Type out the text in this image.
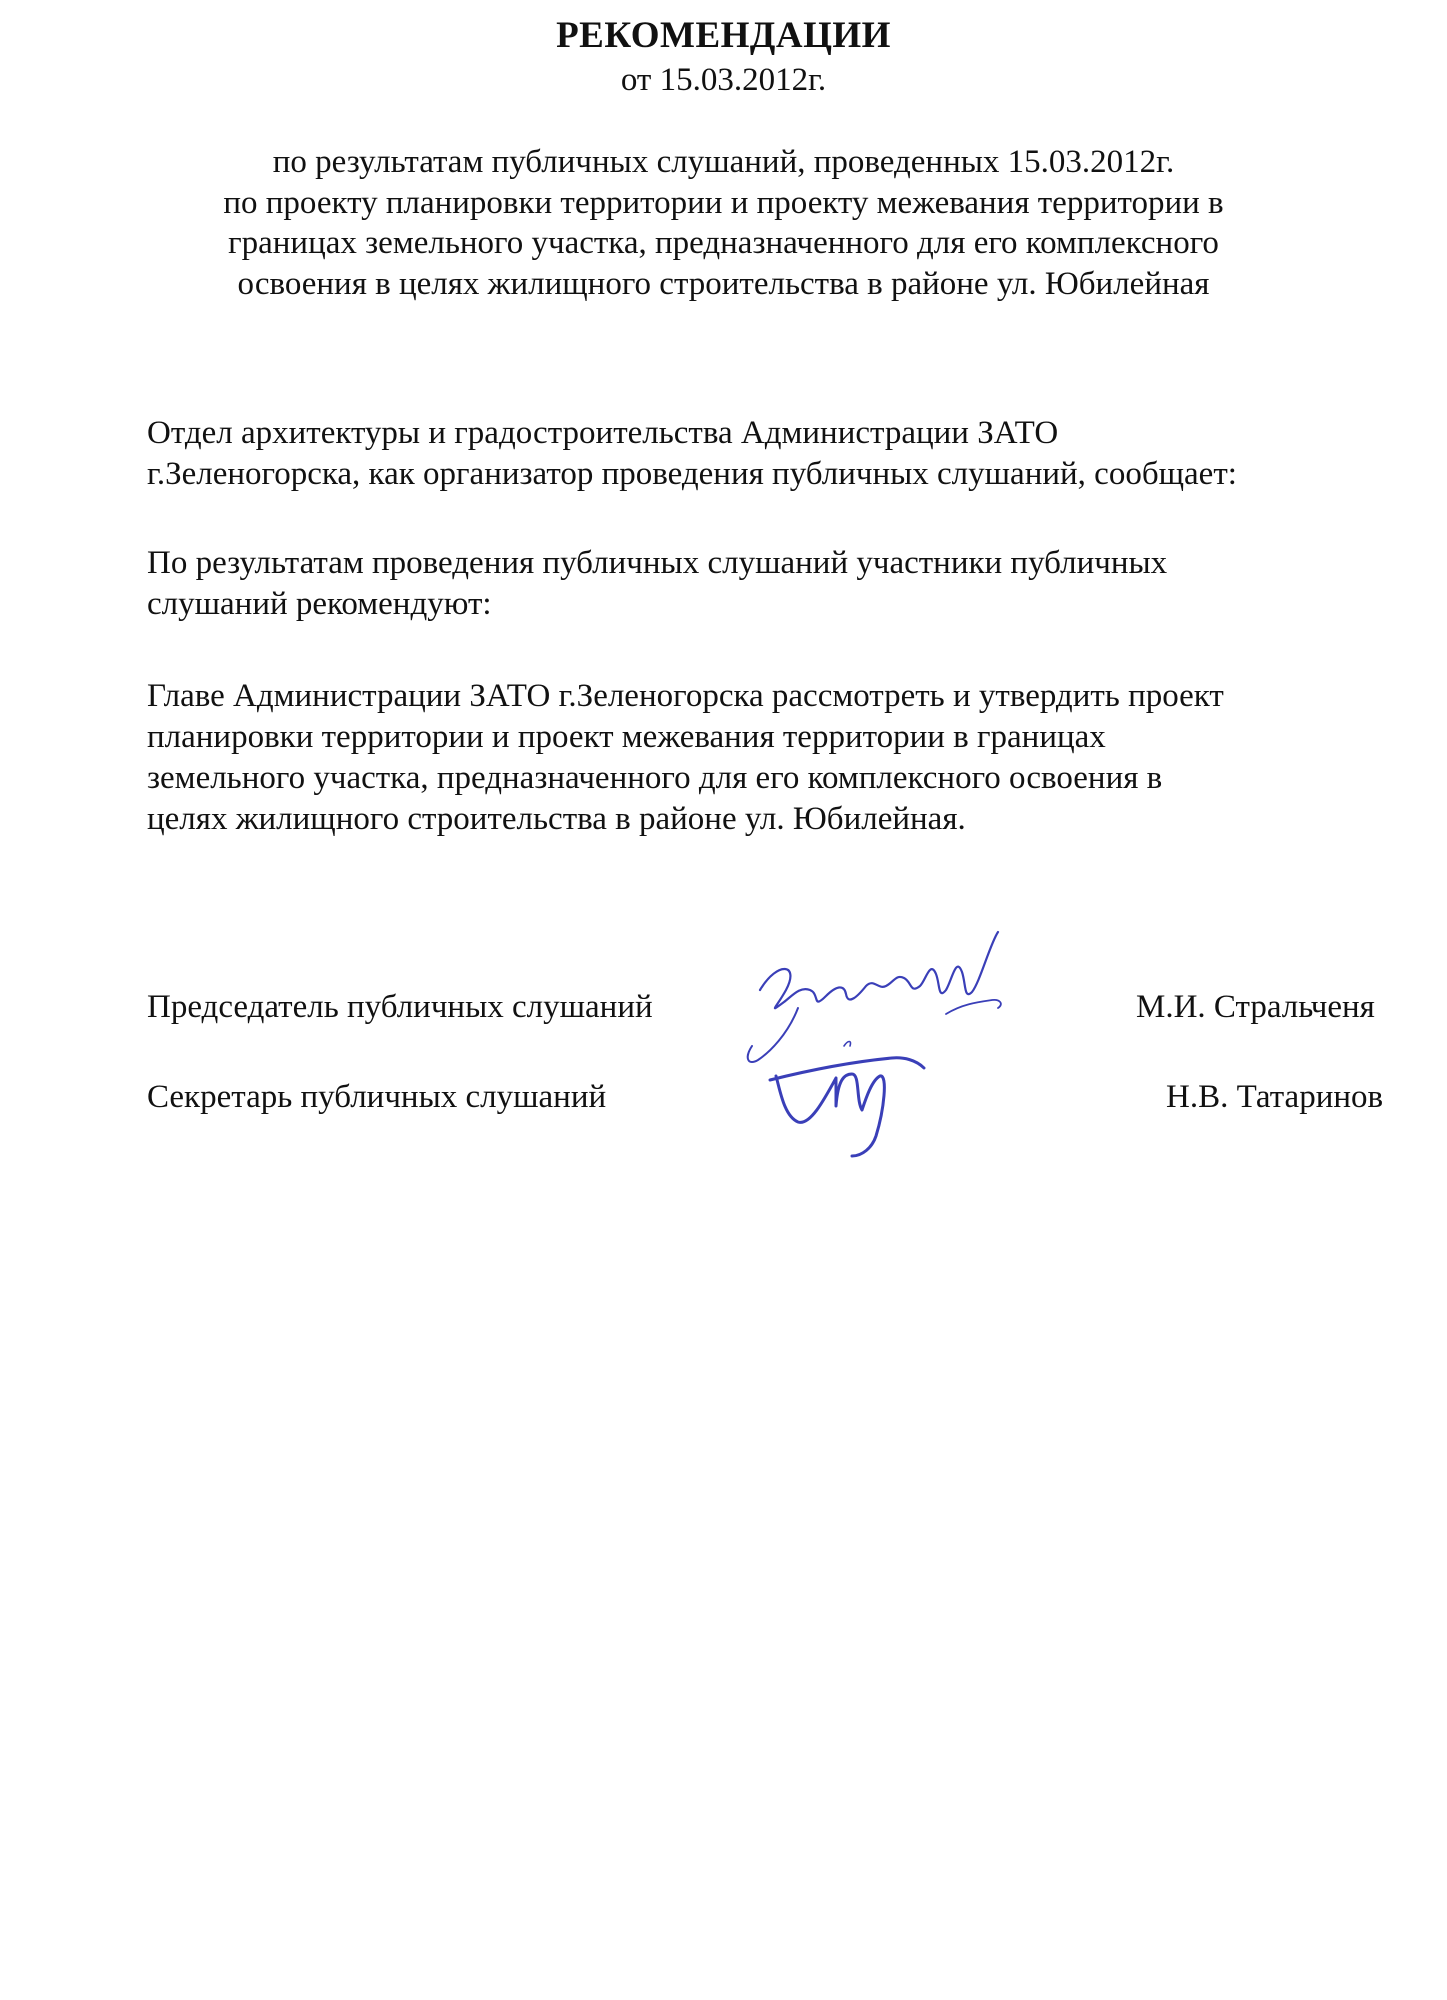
РЕКОМЕНДАЦИИ
от 15.03.2012г.
по результатам публичных слушаний, проведенных 15.03.2012г.
по проекту планировки территории и проекту межевания территории в
границах земельного участка, предназначенного для его комплексного
освоения в целях жилищного строительства в районе ул. Юбилейная
Отдел архитектуры и градостроительства Администрации ЗАТО
г.Зеленогорска, как организатор проведения публичных слушаний, сообщает:
По результатам проведения публичных слушаний участники публичных
слушаний рекомендуют:
Главе Администрации ЗАТО г.Зеленогорска рассмотреть и утвердить проект
планировки территории и проект межевания территории в границах
земельного участка, предназначенного для его комплексного освоения в
целях жилищного строительства в районе ул. Юбилейная.
Председатель публичных слушаний	М.И. Стральченя
Секретарь публичных слушаний	Н.В. Татаринов
